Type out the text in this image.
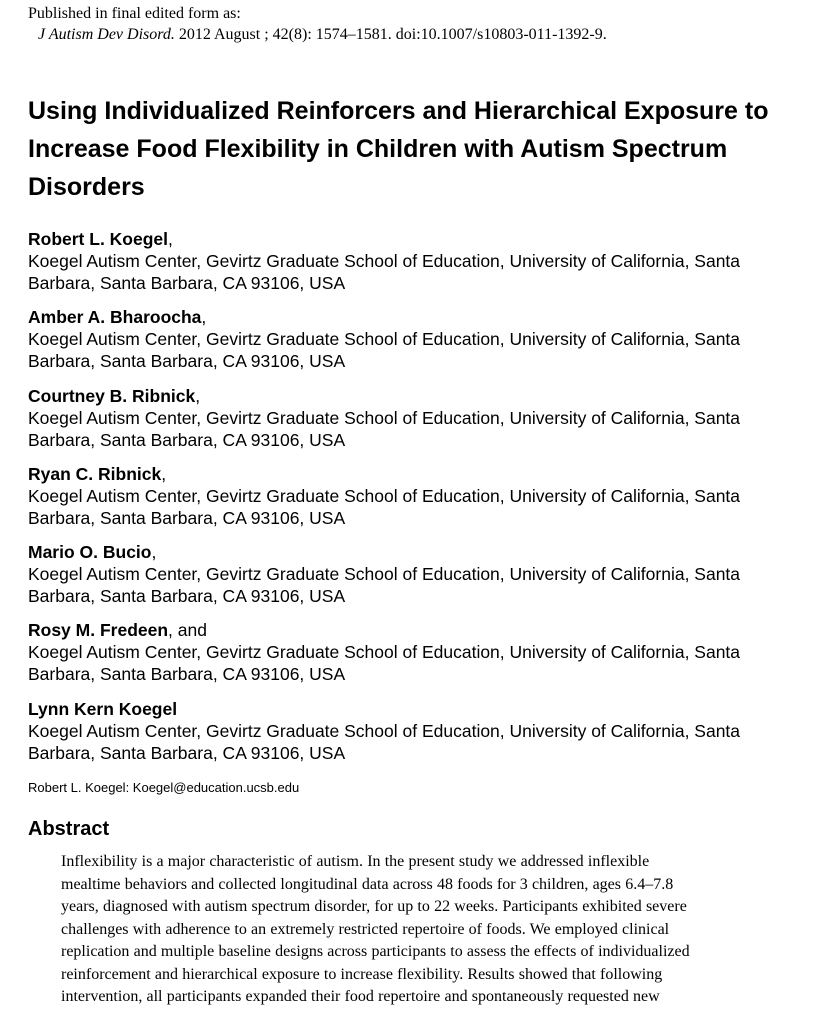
Published in final edited form as:
J Autism Dev Disord. 2012 August ; 42(8): 1574–1581. doi:10.1007/s10803-011-1392-9.
Using Individualized Reinforcers and Hierarchical Exposure to
Increase Food Flexibility in Children with Autism Spectrum
Disorders
Robert L. Koegel,
Koegel Autism Center, Gevirtz Graduate School of Education, University of California, Santa
Barbara, Santa Barbara, CA 93106, USA
Amber A. Bharoocha,
Koegel Autism Center, Gevirtz Graduate School of Education, University of California, Santa
Barbara, Santa Barbara, CA 93106, USA
Courtney B. Ribnick,
Koegel Autism Center, Gevirtz Graduate School of Education, University of California, Santa
Barbara, Santa Barbara, CA 93106, USA
Ryan C. Ribnick,
Koegel Autism Center, Gevirtz Graduate School of Education, University of California, Santa
Barbara, Santa Barbara, CA 93106, USA
Mario O. Bucio,
Koegel Autism Center, Gevirtz Graduate School of Education, University of California, Santa
Barbara, Santa Barbara, CA 93106, USA
Rosy M. Fredeen, and
Koegel Autism Center, Gevirtz Graduate School of Education, University of California, Santa
Barbara, Santa Barbara, CA 93106, USA
Lynn Kern Koegel
Koegel Autism Center, Gevirtz Graduate School of Education, University of California, Santa
Barbara, Santa Barbara, CA 93106, USA
Robert L. Koegel: Koegel@education.ucsb.edu
Abstract

Inflexibility is a major characteristic of autism. In the present study we addressed inflexible
mealtime behaviors and collected longitudinal data across 48 foods for 3 children, ages 6.4–7.8
years, diagnosed with autism spectrum disorder, for up to 22 weeks. Participants exhibited severe
challenges with adherence to an extremely restricted repertoire of foods. We employed clinical
replication and multiple baseline designs across participants to assess the effects of individualized
reinforcement and hierarchical exposure to increase flexibility. Results showed that following
intervention, all participants expanded their food repertoire and spontaneously requested new
